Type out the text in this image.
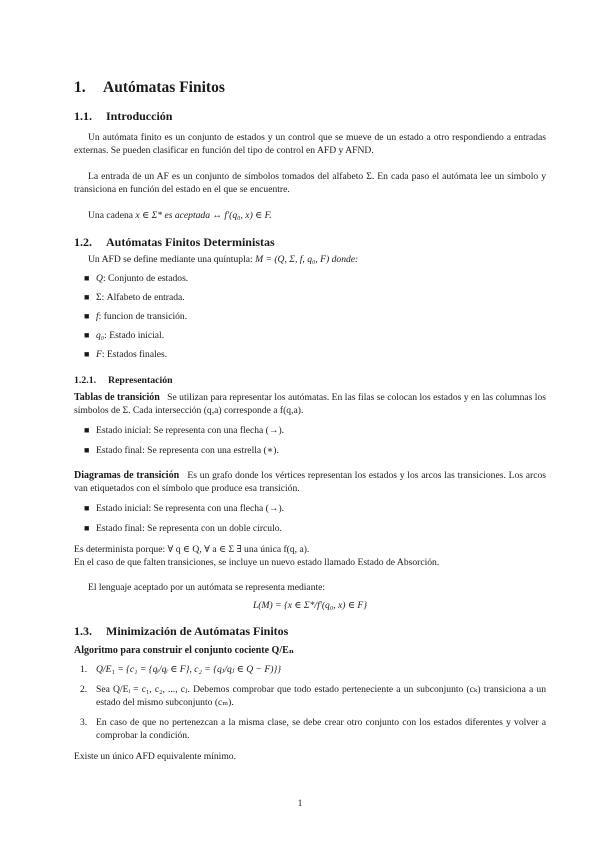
1. Autómatas Finitos
1.1. Introducción

Un autómata finito es un conjunto de estados y un control que se mueve de un estado a otro respondiendo a entradas externas. Se pueden clasificar en función del tipo de control en AFD y AFND.

La entrada de un AF es un conjunto de símbolos tomados del alfabeto Σ. En cada paso el autómata lee un símbolo y transiciona en función del estado en el que se encuentre.

Una cadena x ∈ Σ* es aceptada ↔ f′(q₀, x) ∈ F.

1.2. Autómatas Finitos Deterministas

Un AFD se define mediante una quíntupla: M = (Q, Σ, f, q₀, F) donde:

■ Q: Conjunto de estados.
■ Σ: Alfabeto de entrada.
■ f: funcion de transición.
■ q₀: Estado inicial.
■ F: Estados finales.
1.2.1. Representación

Tablas de transición Se utilizan para representar los autómatas. En las filas se colocan los estados y en las columnas los símbolos de Σ. Cada intersección (q,a) corresponde a f(q,a).

■ Estado inicial: Se representa con una flecha (→).
■ Estado final: Se representa con una estrella (∗).

Diagramas de transición Es un grafo donde los vértices representan los estados y los arcos las transiciones. Los arcos van etiquetados con el símbolo que produce esa transición.

■ Estado inicial: Se representa con una flecha (→).
■ Estado final: Se representa con un doble círculo.

Es determinista porque: ∀ q ∈ Q, ∀ a ∈ Σ ∃ una única f(q, a).

En el caso de que falten transiciones, se incluye un nuevo estado llamado Estado de Absorción.

El lenguaje aceptado por un autómata se representa mediante:

L(M) = {x ∈ Σ*/f′(q₀, x) ∈ F}

1.3. Minimización de Autómatas Finitos

Algoritmo para construir el conjunto cociente Q/Eₙ

1. Q/E₁ = {c₁ = {qᵢ/qᵢ ∈ F}, c₂ = {qⱼ/qⱼ ∈ Q − F)}}
2. Sea Q/Eᵢ = c₁, c₂, ..., cⱼ. Debemos comprobar que todo estado perteneciente a un subconjunto (cₖ) transiciona a un estado del mismo subconjunto (cₘ).
3. En caso de que no pertenezcan a la misma clase, se debe crear otro conjunto con los estados diferentes y volver a comprobar la condición.

Existe un único AFD equivalente mínimo.

1
